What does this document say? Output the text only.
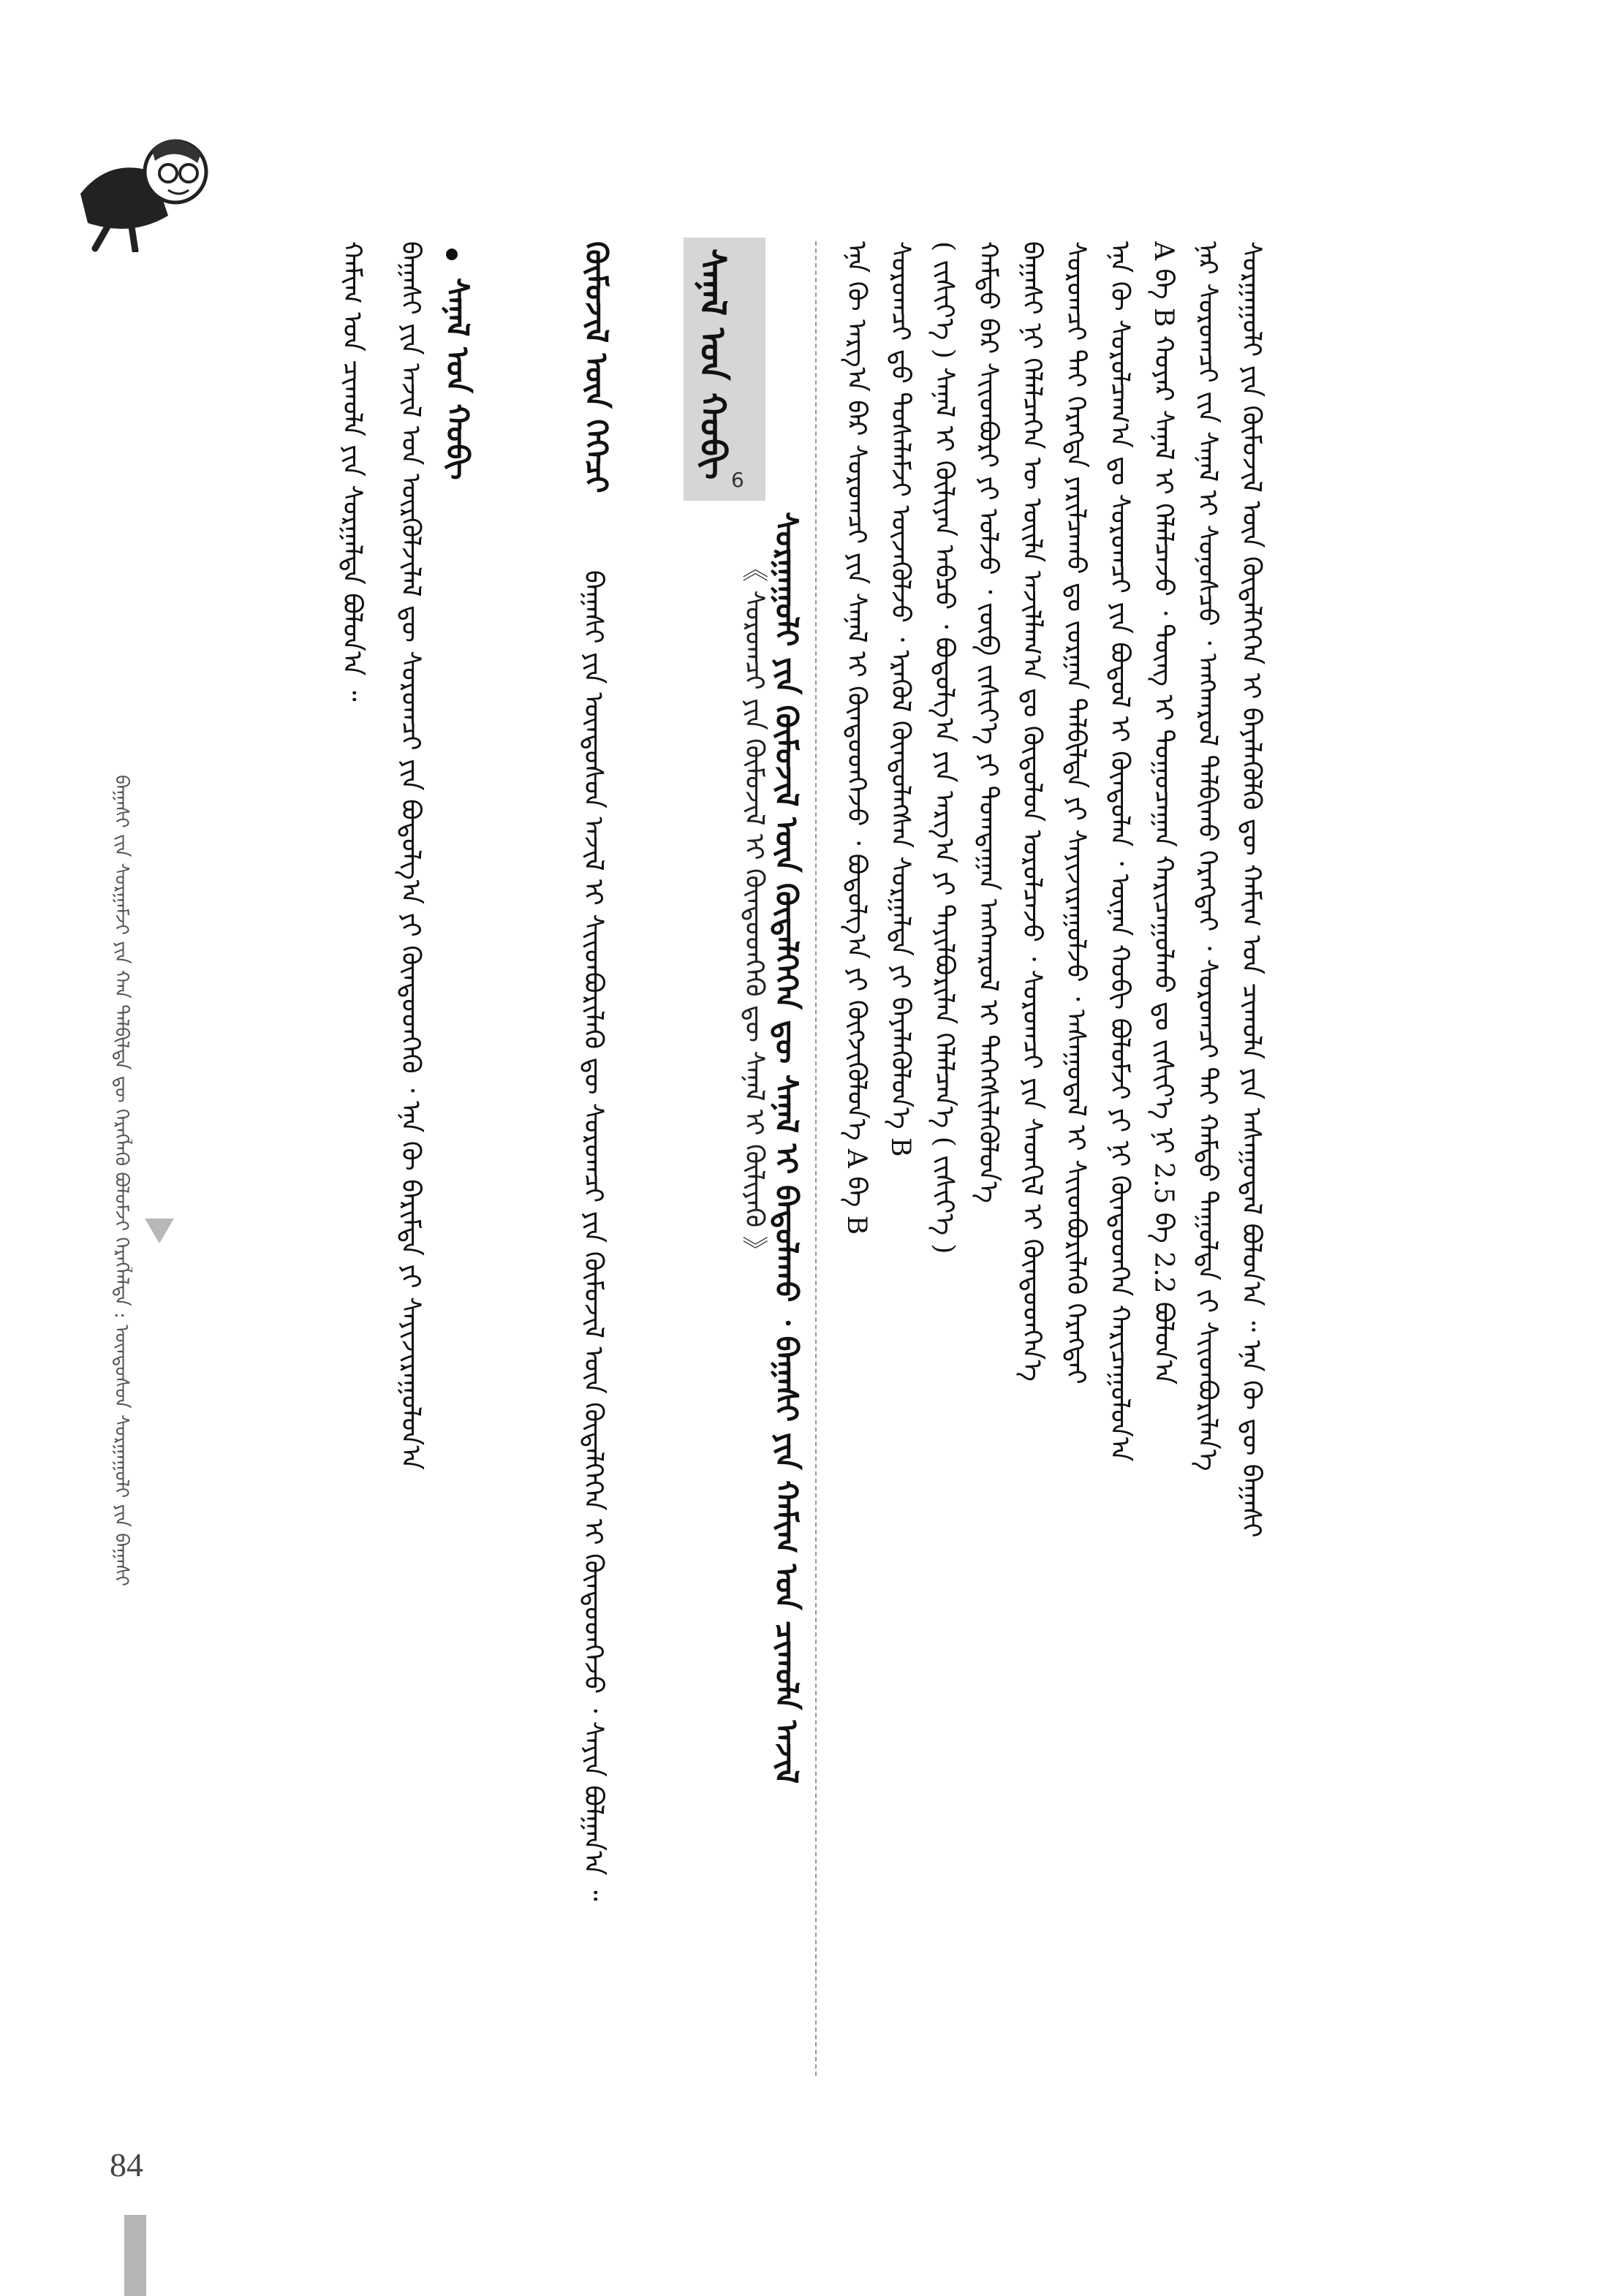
ᠪᠠᠭᠠᠰᠢ ᠵᠢᠨ ᠰᠤᠷᠭᠠᠮᠵᠢ ᠶᠢᠨ ᠬᠠᠨ ᠲᠠᠯᠪᠢᠯᠲᠠ ᠳᠦ ᠬᠡᠷᠡᠭᠯᠡᠬᠦ ᠪᠤᠯᠤᠮᠵᠢ ᠬᠡᠷᠡᠭᠯᠡᠯᠲᠡ : ᠦᠨᠳᠦᠰᠦᠨ ᠰᠤᠷᠭᠠᠭᠤᠯᠢ ᠶᠢᠨ ᠪᠠᠭᠠᠰᠢ	ᠡᠨᠡ ᠬᠦ ᠠᠷᠭ᠎ᠠ ᠪᠡᠷ ᠰᠤᠷᠤᠭᠴᠢ ᠶᠢᠨ ᠰᠠᠨᠠᠯ ᠢ ᠬᠦᠨᠳᠦᠳᠬᠡᠵᠦ ᠂ ᠪᠣᠳᠣᠯᠭ᠎ᠠ ᠶᠢ ᠬᠦᠭᠵᠢᠭᠦᠯᠦᠨ᠎ᠡ A ᠪᠠ B ᠰᠤᠷᠤᠭᠴᠢ ᠳ᠋ᠤ ᠳᠤᠰᠠᠯᠠᠮᠵᠢ ᠦᠵᠡᠭᠦᠯᠵᠦ ᠂ ᠡᠷᠡᠭᠦᠯ ᠬᠦᠨᠳᠦᠯᠡᠭᠰᠡᠨ ᠰᠤᠷᠭᠠᠯᠲᠠ ᠶᠢ ᠪᠡᠶᠡᠯᠡᠭᠦᠯᠦᠨ᠎ᠡ B ( ᠵᠢᠱᠢᠶ᠎ᠡ ) ᠰᠠᠨᠠᠯ ᠢ ᠬᠦᠯᠢᠶᠡᠨ ᠠᠪᠴᠤ ᠂ ᠪᠣᠳᠣᠯᠭ᠎ᠠ ᠶᠢᠨ ᠠᠷᠭ᠎ᠠ ᠶᠢ ᠲᠠᠶᠢᠯᠪᠤᠷᠢᠯᠠᠨ ᠬᠡᠯᠡᠯᠴᠡᠨ᠎ᠡ ( ᠵᠢᠱᠢᠶ᠎ᠡ ) ᠬᠠᠮᠲᠤ ᠪᠡᠷ ᠰᠢᠢᠳᠪᠦᠷᠢ ᠶᠢ ᠣᠯᠵᠤ ᠂ ᠵᠦᠪ ᠵᠢᠱᠢᠶ᠎ᠡ ᠶᠢ ᠲᠣᠭᠲᠠᠭᠠᠨ ᠠᠩᠬᠠᠷᠤᠯ ᠢ ᠳᠡᠭᠡᠭᠰᠢᠯᠡᠭᠦᠯᠦᠨ᠎ᠡ ᠪᠠᠭᠠᠰᠢ ᠨᠢ ᠬᠡᠯᠡᠯᠴᠡᠭᠡᠨ ᠦ ᠦᠢᠯᠡ ᠠᠵᠢᠯᠯᠠᠭ᠎ᠠ ᠳᠤ ᠬᠦᠳᠦᠯᠦᠨ ᠣᠷᠣᠯᠴᠠᠵᠤ ᠂ ᠰᠤᠷᠤᠭᠴᠢ ᠶᠢᠨ ᠰᠡᠳᠬᠢᠯ ᠢ ᠬᠦᠨᠳᠦᠳᠬᠡᠨ᠎ᠡ ᠰᠤᠷᠤᠭᠴᠢ ᠲᠠᠢ ᠭᠡᠷᠡᠭᠳᠡ ᠶᠠᠷᠢᠯᠴᠠᠬᠤ ᠳᠤ ᠵᠤᠷᠭᠠᠨ ᠲᠠᠯᠪᠢᠯᠲᠠ ᠶᠢ ᠰᠠᠶᠢᠵᠢᠷᠠᠭᠤᠯᠵᠤ ᠂ ᠠᠰᠠᠭᠤᠳᠠᠯ ᠢ ᠰᠢᠢᠳᠪᠦᠷᠢᠯᠡᠬᠦ ᠬᠡᠷᠡᠭᠲᠡᠢ ᠡᠨᠡ ᠬᠦ ᠰᠤᠷᠤᠯᠴᠠᠭ᠎ᠠ ᠳᠤ ᠰᠤᠷᠤᠭᠴᠢ ᠶᠢᠨ ᠪᠣᠳᠣᠯ ᠢ ᠬᠦᠨᠳᠦᠯᠡᠨ ᠂ ᠦᠨᠡᠨ ᠬᠤᠪᠢ ᠪᠣᠯᠤᠮᠵᠢ ᠶᠢ ᠨᠢ ᠬᠦᠨᠳᠦᠳᠬᠡᠨ ᠬᠠᠷᠢᠴᠠᠭᠤᠯᠤᠨ᠎ᠠ A ᠪᠠ B ᠬᠣᠶᠠᠷ ᠰᠠᠨᠠᠯ ᠢ ᠬᠡᠯᠡᠯᠴᠡᠵᠦ ᠂ ᠳᠦᠩ ᠢ ᠲᠣᠭᠣᠴᠠᠭᠠᠨ ᠬᠠᠷᠢᠴᠠᠭᠤᠯᠬᠤ ᠳᠤ ᠵᠢᠱᠢᠶ᠎ᠡ ᠨᠢ 2.5 ᠪᠠ 2.2 ᠪᠣᠯᠤᠨ᠎ᠠ ᠨᠠᠷ ᠰᠤᠷᠤᠭᠴᠢ ᠵᠢᠨ ᠰᠠᠨᠠᠯ ᠢ ᠰᠣᠨᠣᠰᠴᠤ ᠂ ᠠᠩᠬᠠᠷᠤᠯ ᠲᠠᠯᠪᠢᠬᠤ ᠬᠡᠷᠡᠭᠲᠡᠢ ᠂ ᠰᠤᠷᠤᠭᠴᠢ ᠲᠡᠢ ᠬᠠᠮᠲᠤ ᠳᠠᠭᠤᠯᠲᠠ ᠵᠢ ᠰᠢᠢᠳᠪᠦᠷᠢᠯᠡᠨ᠎ᠡ ᠰᠤᠷᠭᠠᠭᠤᠯᠢ ᠶᠢᠨ ᠬᠦᠮᠦᠵᠢᠯ ᠦᠨ ᠬᠦᠳᠡᠯᠬᠡᠭᠡᠨ ᠢ ᠪᠡᠶᠡᠯᠡᠭᠦᠯᠬᠦ ᠳᠦ ᠬᠠᠮᠢᠭ ᠤᠨ ᠴᠢᠬᠤᠯᠠ ᠶᠢᠨ ᠠᠰᠠᠭᠤᠳᠠᠯ ᠪᠣᠯᠣᠨ᠎ᠠ ᠃ ᠡᠨᠡ ᠬᠦ ᠳᠦ ᠪᠠᠭᠠᠰᠢ
ᠰᠠᠨᠠᠯ ᠤᠨ ᠬᠤᠪᠢ
6
ᠰᠤᠷᠭᠠᠭᠤᠯᠢ ᠶᠢᠨ ᠬᠦᠮᠦᠵᠢᠯ ᠦᠨ ᠬᠦᠳᠡᠯᠬᠡᠭᠡᠨ ᠳᠦ ᠰᠠᠨᠠᠯ ᠢ ᠪᠠᠲᠤᠯᠠᠬᠤ ᠂ ᠪᠠᠭᠠᠰᠢ ᠶᠢᠨ ᠬᠠᠮᠢᠭ ᠤᠨ ᠴᠢᠬᠤᠯᠠ ᠠᠵᠢᠯ
《 ᠰᠤᠷᠤᠭᠴᠢ ᠶᠢᠨ ᠬᠦᠮᠦᠵᠢᠯ ᠢ ᠬᠦᠨᠳᠦᠳᠬᠡᠬᠦ ᠳᠦ ᠰᠠᠨᠠᠯ ᠢ ᠬᠦᠯᠢᠶᠡᠬᠦ 》
ᠬᠦᠮᠦᠵᠢᠯ ᠦᠨ ᠬᠡᠭᠡᠴᠢ
ᠪᠠᠭᠠᠰᠢ ᠶᠢᠨ ᠦᠨᠳᠦᠰᠦᠨ ᠠᠵᠢᠯ ᠢ ᠰᠢᠢᠳᠪᠦᠷᠢᠯᠡᠬᠦ ᠳᠦ ᠰᠤᠷᠤᠭᠴᠢ ᠶᠢᠨ ᠬᠦᠮᠦᠵᠢᠯ ᠦᠨ ᠬᠦᠳᠡᠯᠬᠡᠭᠡᠨ ᠢ ᠬᠦᠨᠳᠦᠳᠬᠡᠵᠦ ᠂ ᠰᠠᠶᠢᠨ ᠪᠣᠯᠭᠠᠨ᠎ᠠ ᠃
ᠪᠠᠭᠠᠰᠢ ᠶᠢᠨ ᠠᠵᠢᠯ ᠤᠨ ᠦᠷᠭᠦᠯᠵᠢᠯᠡᠯ ᠳᠦ ᠰᠤᠷᠤᠭᠴᠢ ᠶᠢᠨ ᠪᠣᠳᠣᠯᠭ᠎ᠠ ᠶᠢ ᠬᠦᠨᠳᠦᠳᠬᠡᠬᠦ ᠂ ᠡᠨᠡ ᠬᠦ ᠪᠠᠷᠢᠮᠲᠠ ᠶᠢ ᠰᠠᠶᠢᠵᠢᠷᠠᠭᠤᠯᠤᠨ᠎ᠠ
ᠬᠠᠮᠢᠭ ᠤᠨ ᠴᠢᠬᠤᠯᠠ ᠶᠢᠨ ᠰᠤᠷᠭᠠᠯᠲᠠ ᠪᠣᠯᠤᠨ᠎ᠠ ᠃ ᠰᠠᠨᠠᠯ ᠤᠨ ᠬᠤᠪᠢ
84
